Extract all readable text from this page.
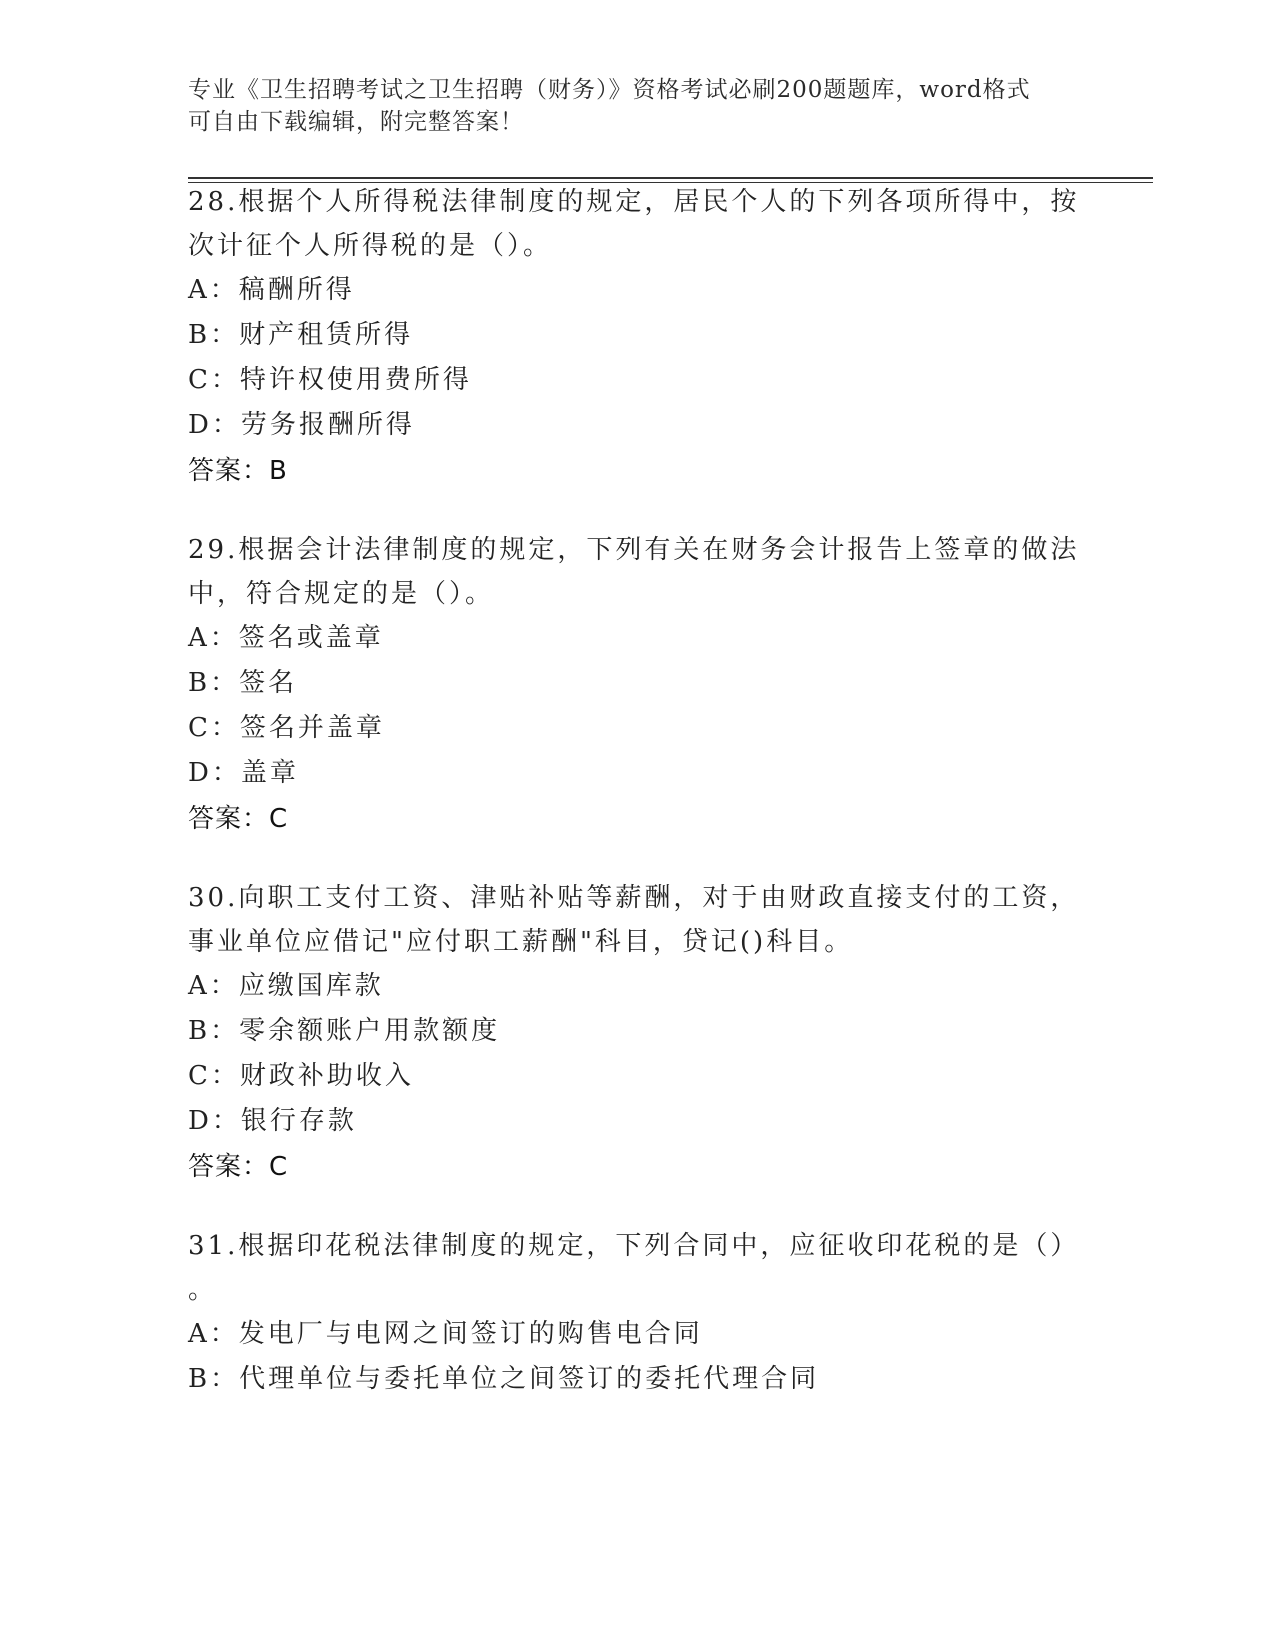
专业《卫生招聘考试之卫生招聘（财务）》资格考试必刷200题题库，word格式
可自由下载编辑，附完整答案！
28.根据个人所得税法律制度的规定，居民个人的下列各项所得中，按
次计征个人所得税的是（）。
A：稿酬所得
B：财产租赁所得
C：特许权使用费所得
D：劳务报酬所得
答案：B
29.根据会计法律制度的规定，下列有关在财务会计报告上签章的做法
中，符合规定的是（）。
A：签名或盖章
B：签名
C：签名并盖章
D：盖章
答案：C
30.向职工支付工资、津贴补贴等薪酬，对于由财政直接支付的工资，
事业单位应借记"应付职工薪酬"科目，贷记()科目。
A：应缴国库款
B：零余额账户用款额度
C：财政补助收入
D：银行存款
答案：C
31.根据印花税法律制度的规定，下列合同中，应征收印花税的是（）
。
A：发电厂与电网之间签订的购售电合同
B：代理单位与委托单位之间签订的委托代理合同
